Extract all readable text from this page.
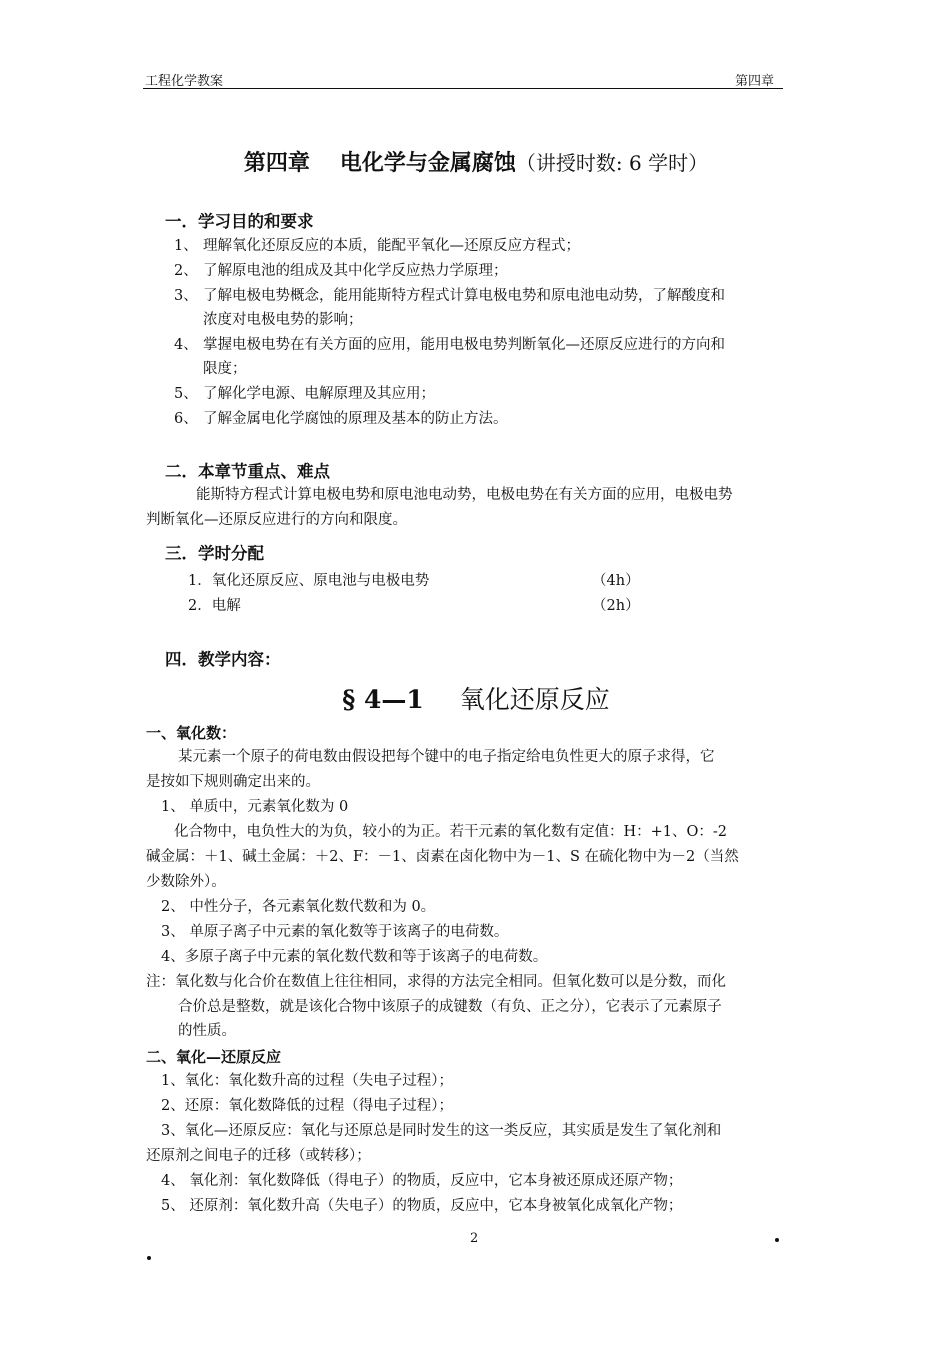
工程化学教案	第四章
第四章 电化学与金属腐蚀（讲授时数: 6 学时）
一．学习目的和要求
1、 理解氧化还原反应的本质，能配平氧化—还原反应方程式；
2、 了解原电池的组成及其中化学反应热力学原理；
3、 了解电极电势概念，能用能斯特方程式计算电极电势和原电池电动势，了解酸度和
浓度对电极电势的影响；
4、 掌握电极电势在有关方面的应用，能用电极电势判断氧化—还原反应进行的方向和
限度；
5、 了解化学电源、电解原理及其应用；
6、 了解金属电化学腐蚀的原理及基本的防止方法。
二．本章节重点、难点
能斯特方程式计算电极电势和原电池电动势，电极电势在有关方面的应用，电极电势
判断氧化—还原反应进行的方向和限度。
三．学时分配
1．氧化还原反应、原电池与电极电势	（4h）
2．电解	（2h）
四．教学内容：
§ 4—1 氧化还原反应
一、氧化数：
某元素一个原子的荷电数由假设把每个键中的电子指定给电负性更大的原子求得，它
是按如下规则确定出来的。
1、 单质中，元素氧化数为 0
化合物中，电负性大的为负，较小的为正。若干元素的氧化数有定值：H：+1、O：-2
碱金属：＋1、碱土金属：＋2、F：－1、卤素在卤化物中为－1、S 在硫化物中为－2（当然
少数除外）。
2、 中性分子，各元素氧化数代数和为 0。
3、 单原子离子中元素的氧化数等于该离子的电荷数。
4、多原子离子中元素的氧化数代数和等于该离子的电荷数。
注：氧化数与化合价在数值上往往相同，求得的方法完全相同。但氧化数可以是分数，而化
合价总是整数，就是该化合物中该原子的成键数（有负、正之分），它表示了元素原子
的性质。
二、氧化—还原反应
1、氧化：氧化数升高的过程（失电子过程）；
2、还原：氧化数降低的过程（得电子过程）；
3、氧化—还原反应：氧化与还原总是同时发生的这一类反应，其实质是发生了氧化剂和
还原剂之间电子的迁移（或转移）；
4、 氧化剂：氧化数降低（得电子）的物质，反应中，它本身被还原成还原产物；
5、 还原剂：氧化数升高（失电子）的物质，反应中，它本身被氧化成氧化产物；
2
